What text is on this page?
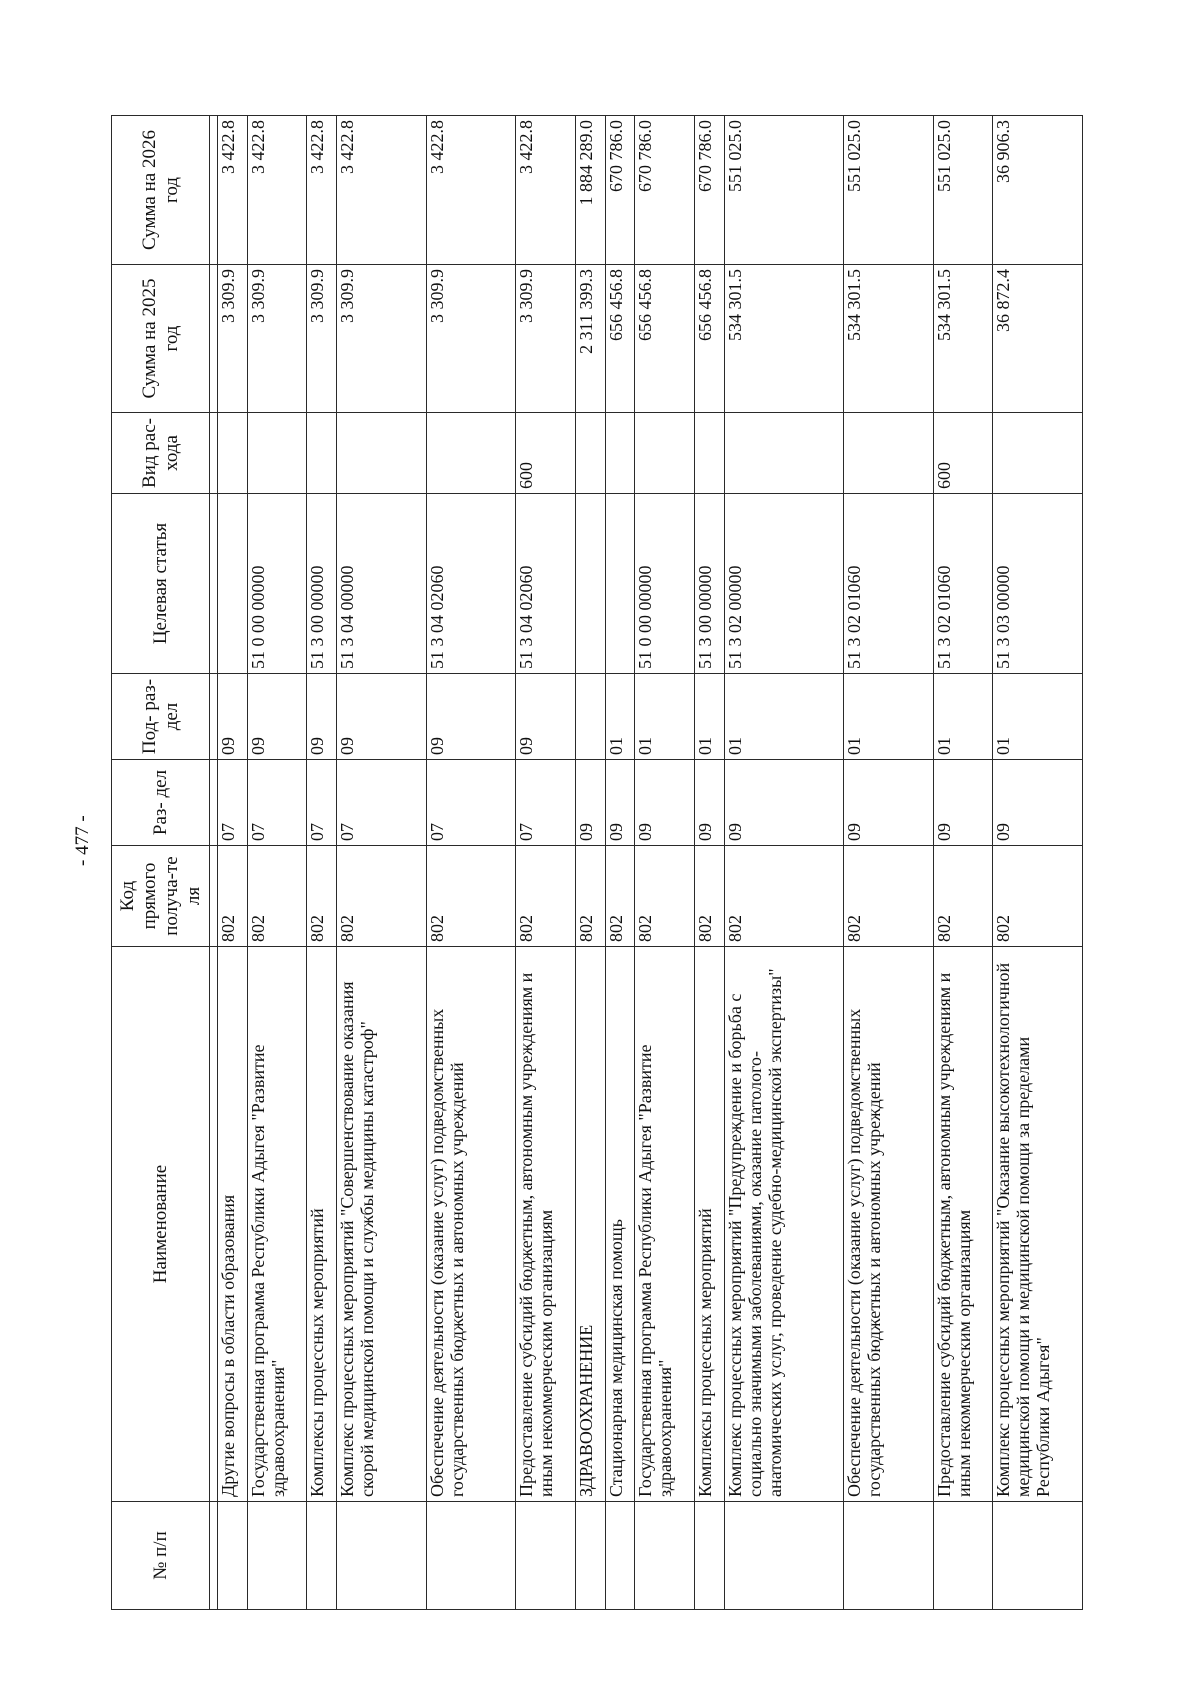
- 477 -
№ п/п	Наименование	Код прямого получа-те ля	Раз- дел	Под- раз- дел	Целевая статья	Вид рас- хода	Сумма на 2025 год	Сумма на 2026 год

	Другие вопросы в области образования	802	07	09			3 309.9	3 422.8
	Государственная программа Республики Адыгея "Развитие здравоохранения"	802	07	09	51 0 00 00000		3 309.9	3 422.8
	Комплексы процессных мероприятий	802	07	09	51 3 00 00000		3 309.9	3 422.8
	Комплекс процессных мероприятий "Совершенствование оказания скорой медицинской помощи и службы медицины катастроф"	802	07	09	51 3 04 00000		3 309.9	3 422.8
	Обеспечение деятельности (оказание услуг) подведомственных государственных бюджетных и автономных учреждений	802	07	09	51 3 04 02060		3 309.9	3 422.8
	Предоставление субсидий бюджетным, автономным учреждениям и иным некоммерческим организациям	802	07	09	51 3 04 02060	600	3 309.9	3 422.8
	ЗДРАВООХРАНЕНИЕ	802	09				2 311 399.3	1 884 289.0
	Стационарная медицинская помощь	802	09	01			656 456.8	670 786.0
	Государственная программа Республики Адыгея "Развитие здравоохранения"	802	09	01	51 0 00 00000		656 456.8	670 786.0
	Комплексы процессных мероприятий	802	09	01	51 3 00 00000		656 456.8	670 786.0
	Комплекс процессных мероприятий "Предупреждение и борьба с социально значимыми заболеваниями, оказание патолого-анатомических услуг, проведение судебно-медицинской экспертизы"	802	09	01	51 3 02 00000		534 301.5	551 025.0
	Обеспечение деятельности (оказание услуг) подведомственных государственных бюджетных и автономных учреждений	802	09	01	51 3 02 01060		534 301.5	551 025.0
	Предоставление субсидий бюджетным, автономным учреждениям и иным некоммерческим организациям	802	09	01	51 3 02 01060	600	534 301.5	551 025.0
	Комплекс процессных мероприятий "Оказание высокотехнологичной медицинской помощи и медицинской помощи за пределами Республики Адыгея"	802	09	01	51 3 03 00000		36 872.4	36 906.3
